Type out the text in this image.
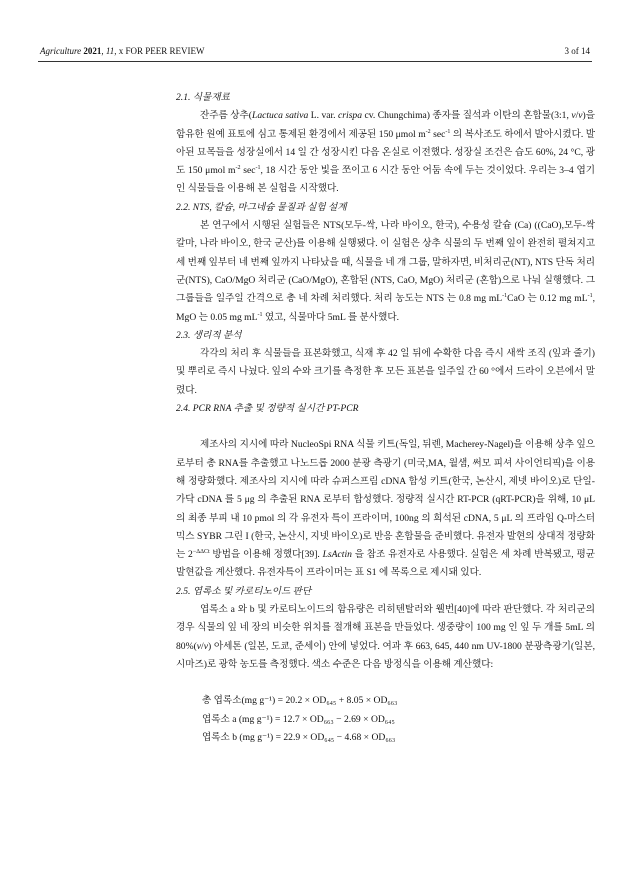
Agriculture 2021, 11, x FOR PEER REVIEW	3 of 14
2.1. 식물재료

잔주름 상추(Lactuca sativa L. var. crispa cv. Chungchima) 종자를 질석과 이탄의 혼합물(3:1, v/v)을 함유한 원예 표토에 심고 통제된 환경에서 제공된 150 μmol $m^{-2}$ $\sec^{-1}$ 의 복사조도 하에서 발아시켰다. 발아된 묘목들을 성장실에서 14 일 간 성장시킨 다음 온실로 이전했다. 성장실 조건은 습도 60%, 24 °C, 광도 150 μmol $m^{-2}$ $\sec^{-1}$, 18 시간 동안 빛을 쪼이고 6 시간 동안 어둠 속에 두는 것이었다. 우리는 3–4 엽기인 식물들을 이용해 본 실험을 시작했다.

2.2. NTS, 칼슘, 마그네슘 물질과 실험 설계

본 연구에서 시행된 실험들은 NTS(모두-싹, 나라 바이오, 한국), 수용성 칼슘 (Ca) ((CaO),모두-싹 칼마, 나라 바이오, 한국 군산)를 이용해 실행됐다. 이 실험은 상추 식물의 두 번째 잎이 완전히 펼쳐지고 세 번째 잎부터 네 번째 잎까지 나타났을 때, 식물을 네 개 그룹, 말하자면, 비처리군(NT), NTS 단독 처리군(NTS), CaO/MgO 처리군 (CaO/MgO), 혼합된 (NTS, CaO, MgO) 처리군 (혼합)으로 나눠 실행했다. 그 그룹들을 일주일 간격으로 총 네 차례 처리했다. 처리 농도는 NTS 는 0.8 mg $mL^{-1}CaO$ 는 0.12 mg $mL^{-1}$, MgO 는 0.05 mg $mL^{-1}$ 였고, 식물마다 5mL 를 분사했다.

2.3. 생리적 분석

각각의 처리 후 식물들을 표본화했고, 식재 후 42 일 뒤에 수확한 다음 즉시 새싹 조직 (잎과 줄기) 및 뿌리로 즉시 나눴다. 잎의 수와 크기를 측정한 후 모든 표본을 일주일 간 60 °에서 드라이 오븐에서 말렸다.

2.4. PCR RNA 추출 및 정량적 실시간 PT-PCR

제조사의 지시에 따라 NucleoSpi RNA 식물 키트(독일, 뒤렌, Macherey-Nagel)을 이용해 상추 잎으로부터 총 RNA를 추출했고 나노드롭 2000 분광 측광기 (미국,MA, 월샘, 써모 피셔 사이언티픽)을 이용해 정량화했다. 제조사의 지시에 따라 슈퍼스프림 cDNA 합성 키트(한국, 논산시, 제넷 바이오)로 단일-가닥 cDNA 를 5 μg 의 추출된 RNA 로부터 합성했다. 정량적 실시간 RT-PCR (qRT-PCR)을 위해, 10 μL 의 최종 부피 내 10 pmol 의 각 유전자 특이 프라이머, 100ng 의 희석된 cDNA, 5 μL 의 프라임 Q-마스터믹스 SYBR 그린 I (한국, 논산시, 지넷 바이오)로 반응 혼합물을 준비했다. 유전자 발현의 상대적 정량화는 $2^{-\Delta\Delta Ct}$ 방법을 이용해 정했다[39]. LsActin 을 참조 유전자로 사용했다. 실험은 세 차례 반복됐고, 평균 발현값을 계산했다. 유전자특이 프라이머는 표 S1 에 목록으로 제시돼 있다.

2.5. 엽록소 및 카로티노이드 판단

엽록소 a 와 b 및 카로티노이드의 함유량은 리히텐탈러와 웰번[40]에 따라 판단했다. 각 처리군의 경우 식물의 잎 네 장의 비슷한 위치를 절개해 표본을 만들었다. 생중량이 100 mg 인 잎 두 개를 5mL 의 80%(v/v) 아세톤 (일본, 도쿄, 준세이) 안에 넣었다. 여과 후 663, 645, 440 nm UV-1800 분광측광기(일본, 시마즈)로 광학 농도를 측정했다. 색소 수준은 다음 방정식을 이용해 계산했다:

총 엽록소(mg g⁻¹) = 20.2 × OD₆₄₅ + 8.05 × OD₆₆₃

엽록소 a (mg g⁻¹) = 12.7 × OD₆₆₃ − 2.69 × OD₆₄₅

엽록소 b (mg g⁻¹) = 22.9 × OD₆₄₅ − 4.68 × OD₆₆₃
